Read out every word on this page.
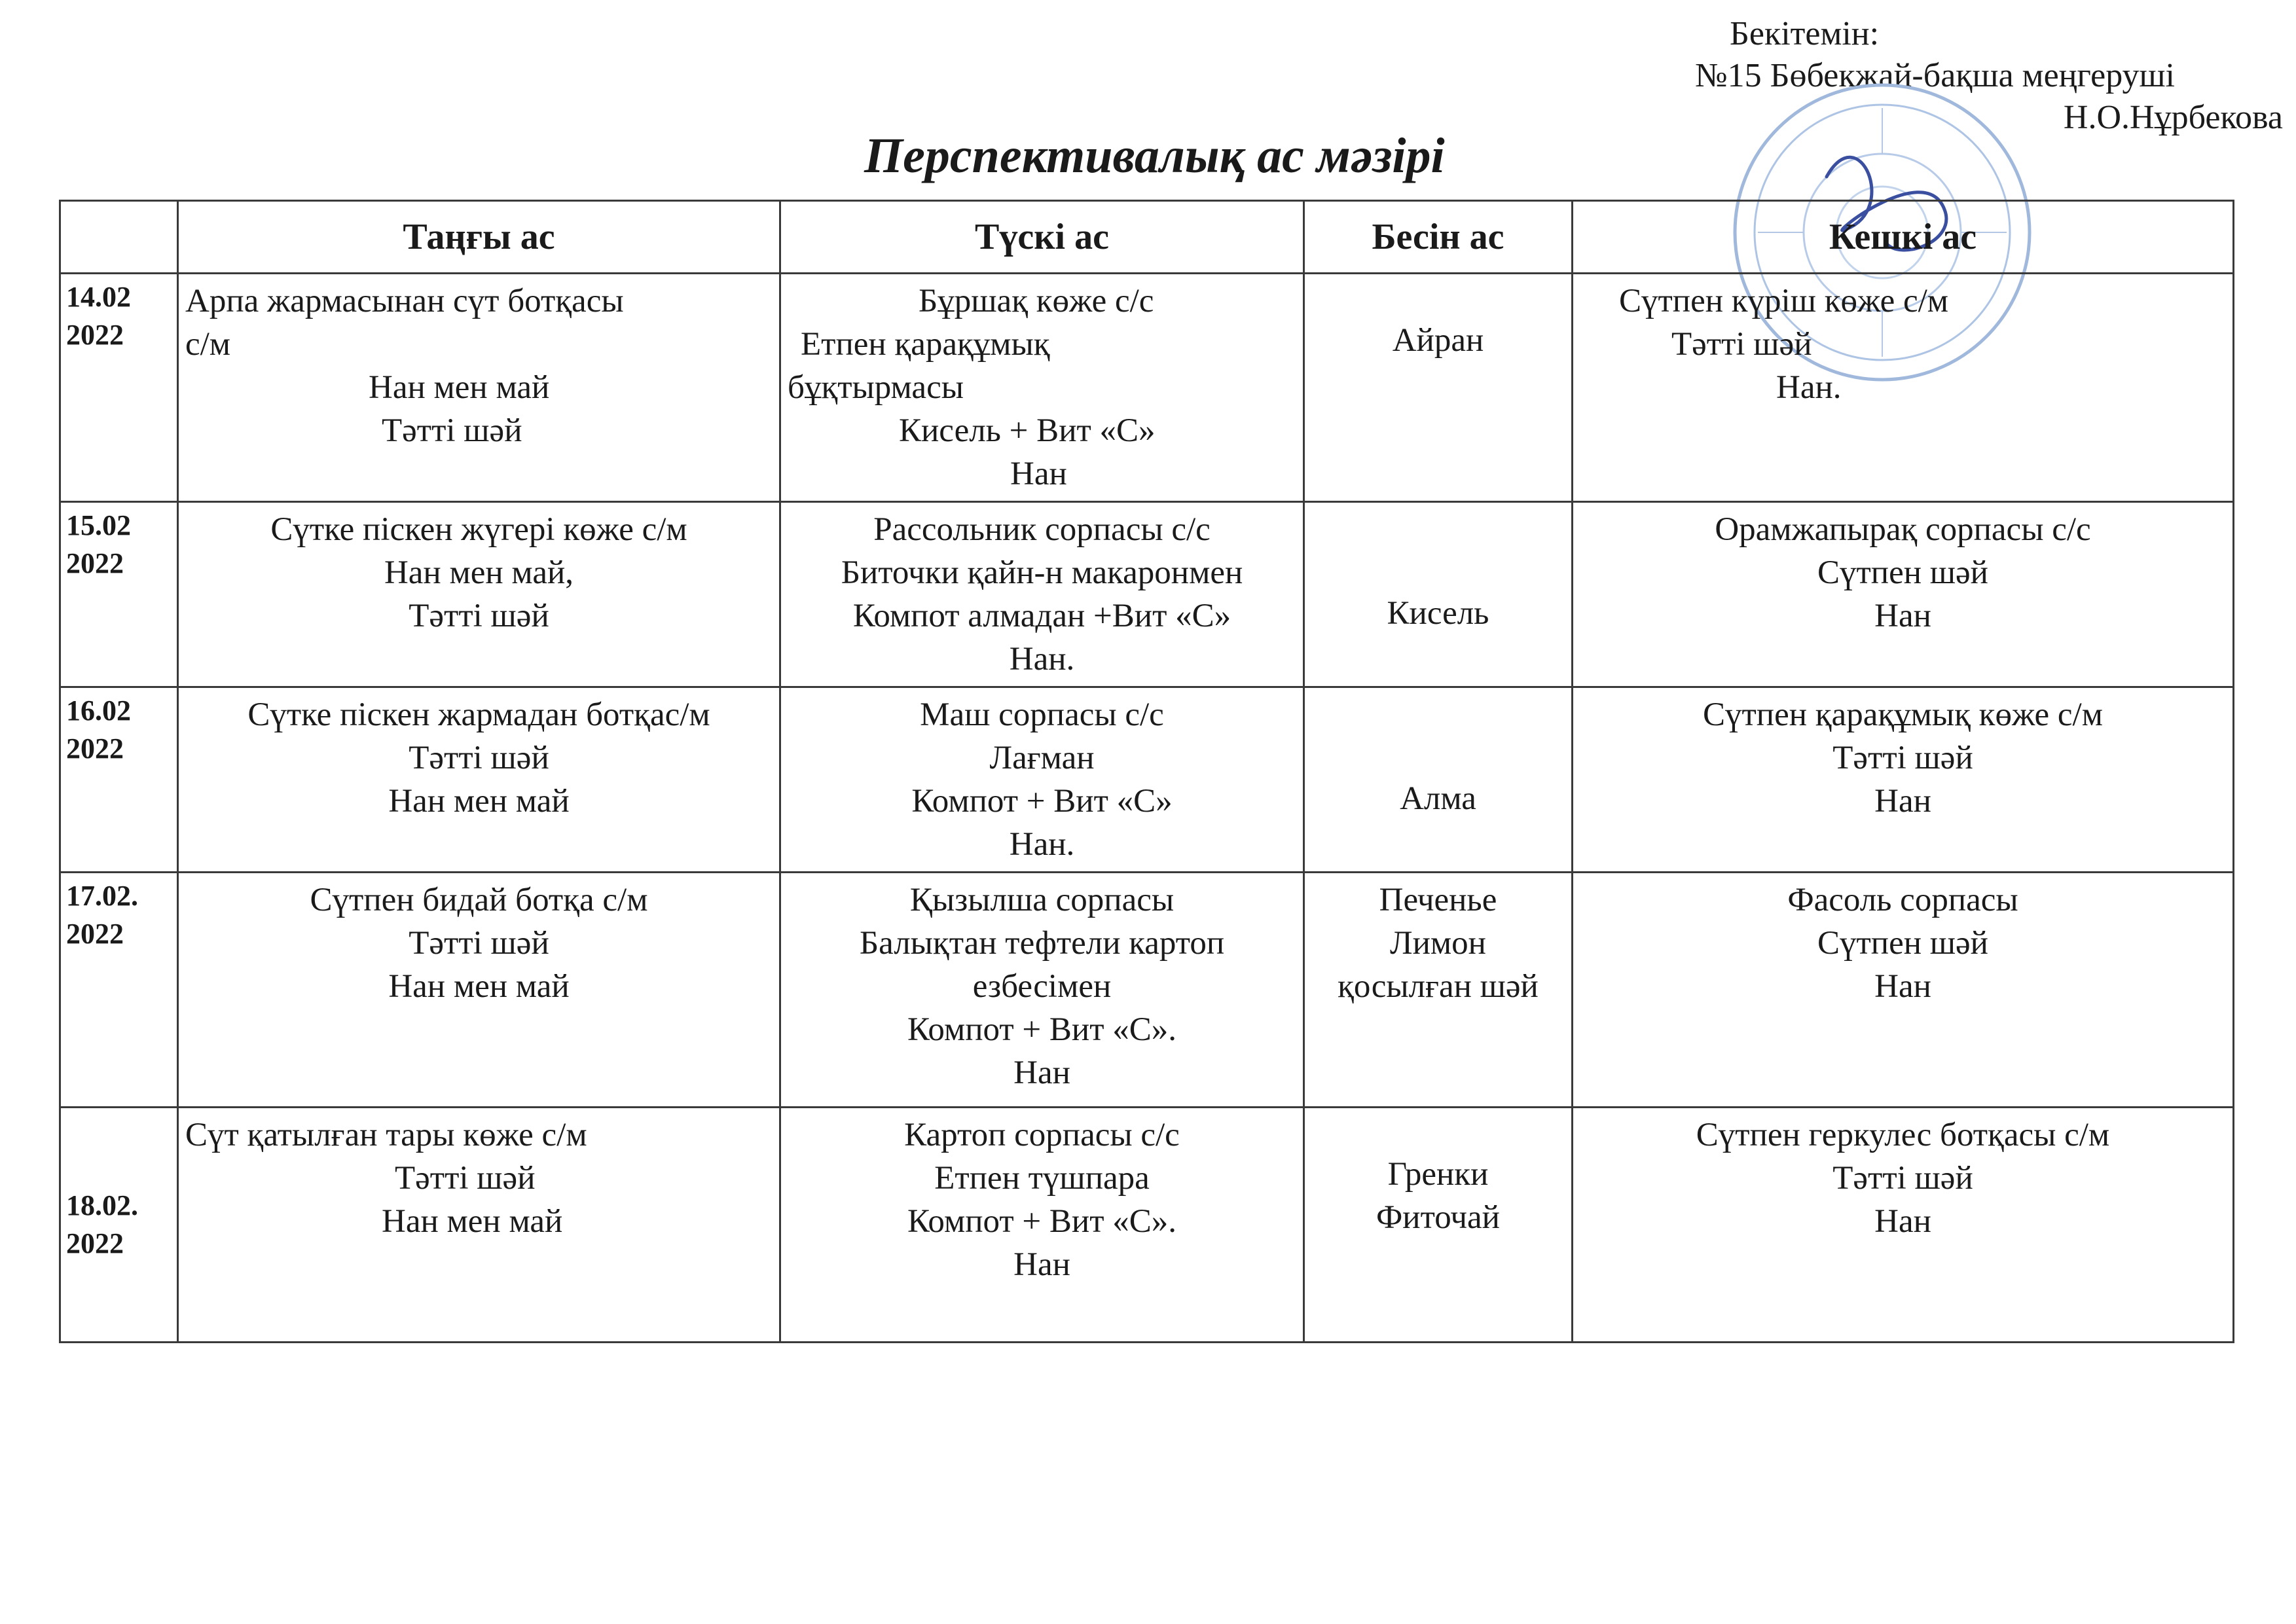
Бекітемін:
№15 Бөбекжай-бақша меңгеруші
Н.О.Нұрбекова
Перспективалық ас мәзірі
	Таңғы ас	Түскі ас	Бесін ас	Кешкі ас

14.02
2022	Арпа жармасынан сүт ботқасы
с/м
Нан мен май
Тәтті шәй	Бұршақ көже с/с
Етпен қарақұмық
бұқтырмасы
Кисель + Вит «С»
Нан	Айран	Сүтпен күріш көже с/м
Тәтті шәй
Нан.

15.02
2022	Сүтке піскен жүгері көже с/м
Нан мен май,
Тәтті шәй	Рассольник сорпасы с/с
Биточки қайн-н макаронмен
Компот алмадан +Вит «С»
Нан.	Кисель	Орамжапырақ сорпасы с/с
Сүтпен шәй
Нан

16.02
2022	Сүтке піскен жармадан ботқас/м
Тәтті шәй
Нан мен май	Маш сорпасы с/с
Лағман
Компот + Вит «С»
Нан.	Алма	Сүтпен қарақұмық көже с/м
Тәтті шәй
Нан

17.02.
2022	Сүтпен бидай ботқа с/м
Тәтті шәй
Нан мен май	Қызылша сорпасы
Балықтан тефтели картоп
езбесімен
Компот + Вит «С».
Нан	Печенье
Лимон
қосылған шәй	Фасоль сорпасы
Сүтпен шәй
Нан

18.02.
2022	Сүт қатылған тары көже с/м
Тәтті шәй
Нан мен май	Картоп сорпасы с/с
Етпен түшпара
Компот + Вит «С».
Нан	Гренки
Фиточай	Сүтпен геркулес ботқасы с/м
Тәтті шәй
Нан
